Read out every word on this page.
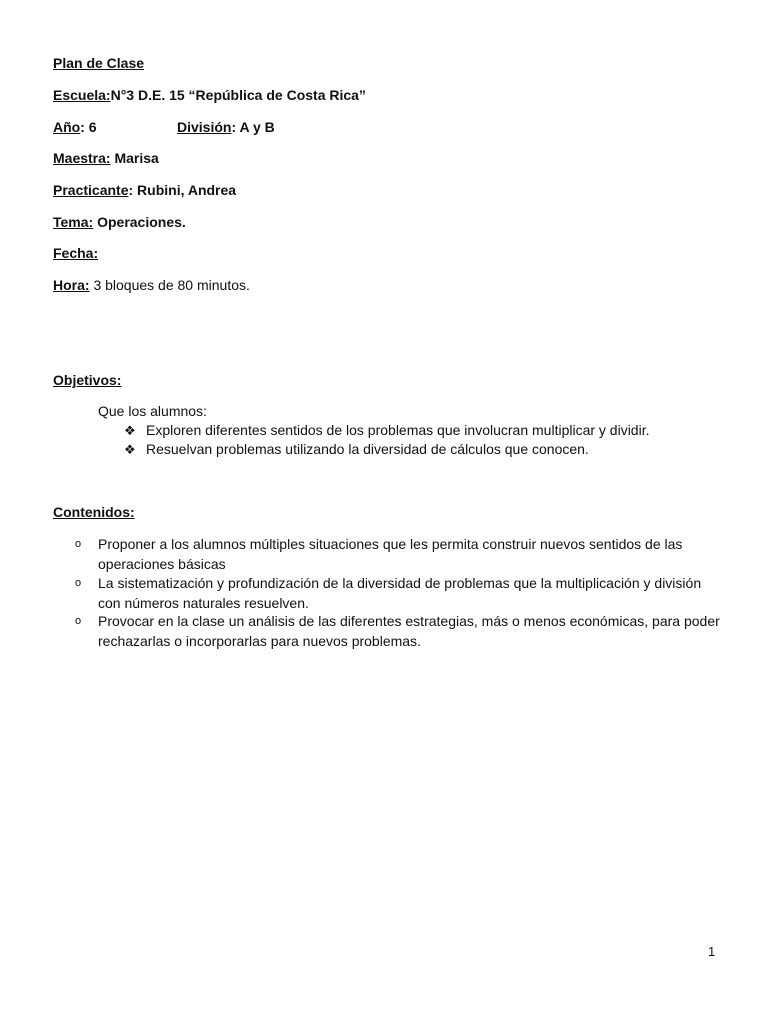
Plan de Clase
Escuela:N°3 D.E. 15 “República de Costa Rica”
Año: 6	División: A y B
Maestra: Marisa
Practicante: Rubini, Andrea
Tema: Operaciones.
Fecha:
Hora: 3 bloques de 80 minutos.
Objetivos:
Que los alumnos:
❖ Exploren diferentes sentidos de los problemas que involucran multiplicar y dividir.
❖ Resuelvan problemas utilizando la diversidad de cálculos que conocen.
Contenidos:
o Proponer a los alumnos múltiples situaciones que les permita construir nuevos sentidos de las
operaciones básicas
o La sistematización y profundización de la diversidad de problemas que la multiplicación y división
con números naturales resuelven.
o Provocar en la clase un análisis de las diferentes estrategias, más o menos económicas, para poder
rechazarlas o incorporarlas para nuevos problemas.
1
